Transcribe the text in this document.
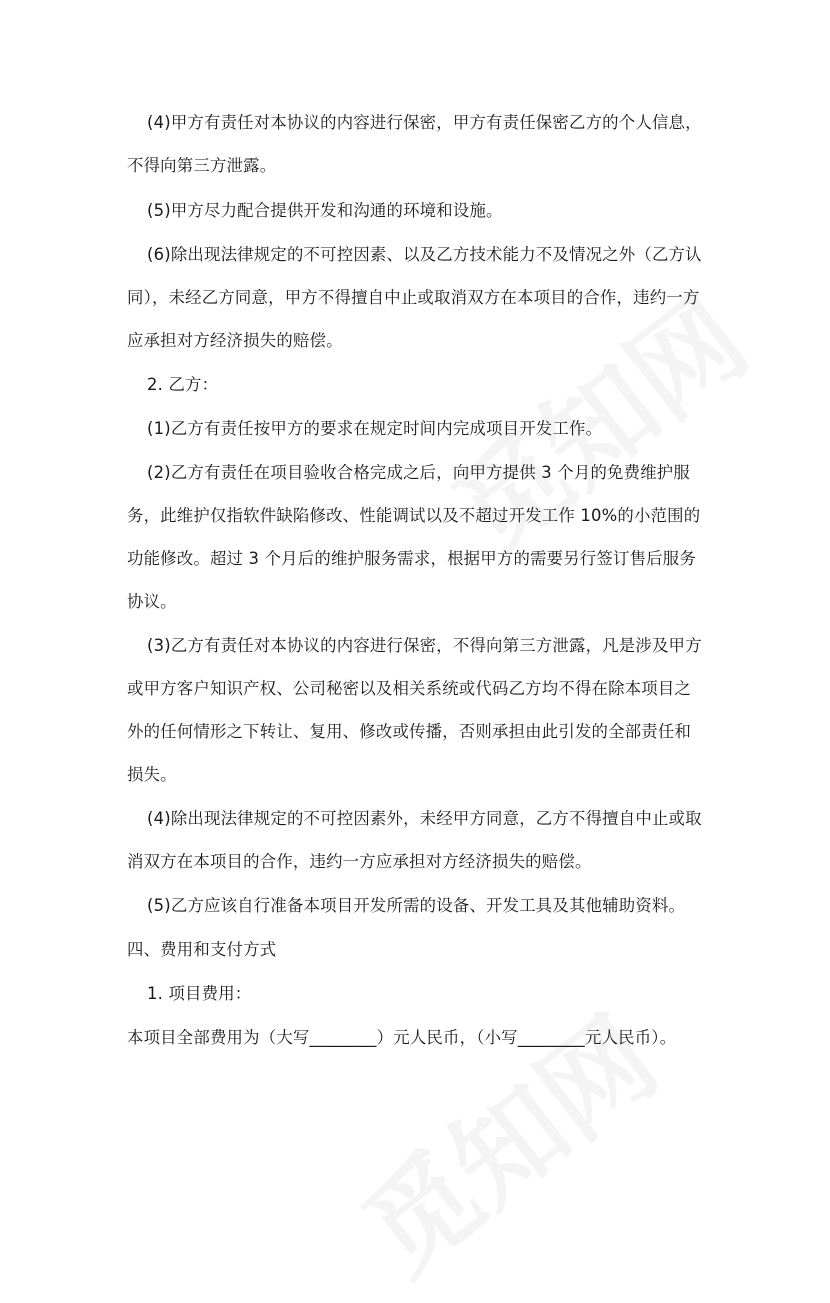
(4)甲方有责任对本协议的内容进行保密，甲方有责任保密乙方的个人信息，
不得向第三方泄露。
(5)甲方尽力配合提供开发和沟通的环境和设施。
(6)除出现法律规定的不可控因素、以及乙方技术能力不及情况之外（乙方认
同），未经乙方同意，甲方不得擅自中止或取消双方在本项目的合作，违约一方
应承担对方经济损失的赔偿。
2. 乙方：
(1)乙方有责任按甲方的要求在规定时间内完成项目开发工作。
(2)乙方有责任在项目验收合格完成之后，向甲方提供 3 个月的免费维护服
务，此维护仅指软件缺陷修改、性能调试以及不超过开发工作 10%的小范围的
功能修改。超过 3 个月后的维护服务需求，根据甲方的需要另行签订售后服务
协议。
(3)乙方有责任对本协议的内容进行保密，不得向第三方泄露，凡是涉及甲方
或甲方客户知识产权、公司秘密以及相关系统或代码乙方均不得在除本项目之
外的任何情形之下转让、复用、修改或传播，否则承担由此引发的全部责任和
损失。
(4)除出现法律规定的不可控因素外，未经甲方同意，乙方不得擅自中止或取
消双方在本项目的合作，违约一方应承担对方经济损失的赔偿。
(5)乙方应该自行准备本项目开发所需的设备、开发工具及其他辅助资料。
四、费用和支付方式
1. 项目费用：
本项目全部费用为（大写________）元人民币，（小写________元人民币）。
